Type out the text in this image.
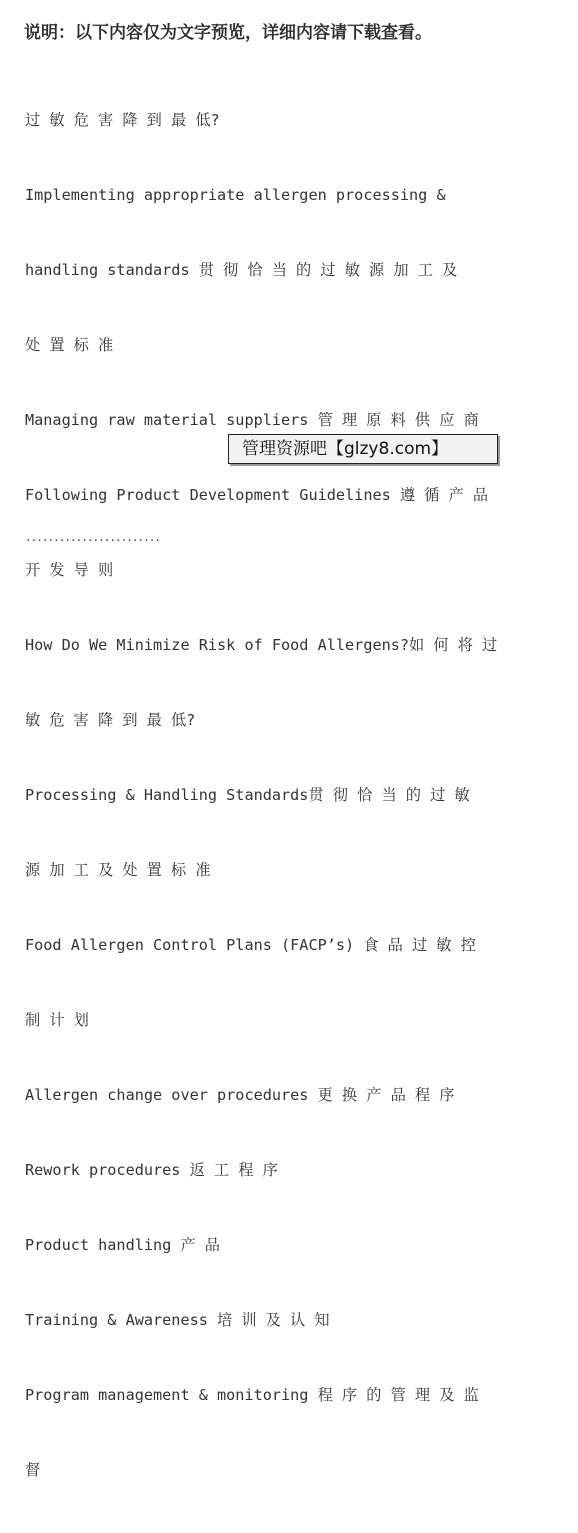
说明：以下内容仅为文字预览，详细内容请下载查看。

过 敏 危 害 降 到 最 低?

Implementing appropriate allergen processing &

handling standards 贯 彻 恰 当 的 过 敏 源 加 工 及

处 置 标 准

Managing raw material suppliers 管 理 原 料 供 应 商

Following Product Development Guidelines 遵 循 产 品

开 发 导 则

How Do We Minimize Risk of Food Allergens?如 何 将 过

敏 危 害 降 到 最 低?

Processing & Handling Standards贯 彻 恰 当 的 过 敏

源 加 工 及 处 置 标 准

Food Allergen Control Plans (FACP’s) 食 品 过 敏 控

制 计 划

Allergen change over procedures 更 换 产 品 程 序

Rework procedures 返 工 程 序

Product handling 产 品

Training & Awareness 培 训 及 认 知

Program management & monitoring 程 序 的 管 理 及 监

督

························
管理资源吧【glzy8.com】
